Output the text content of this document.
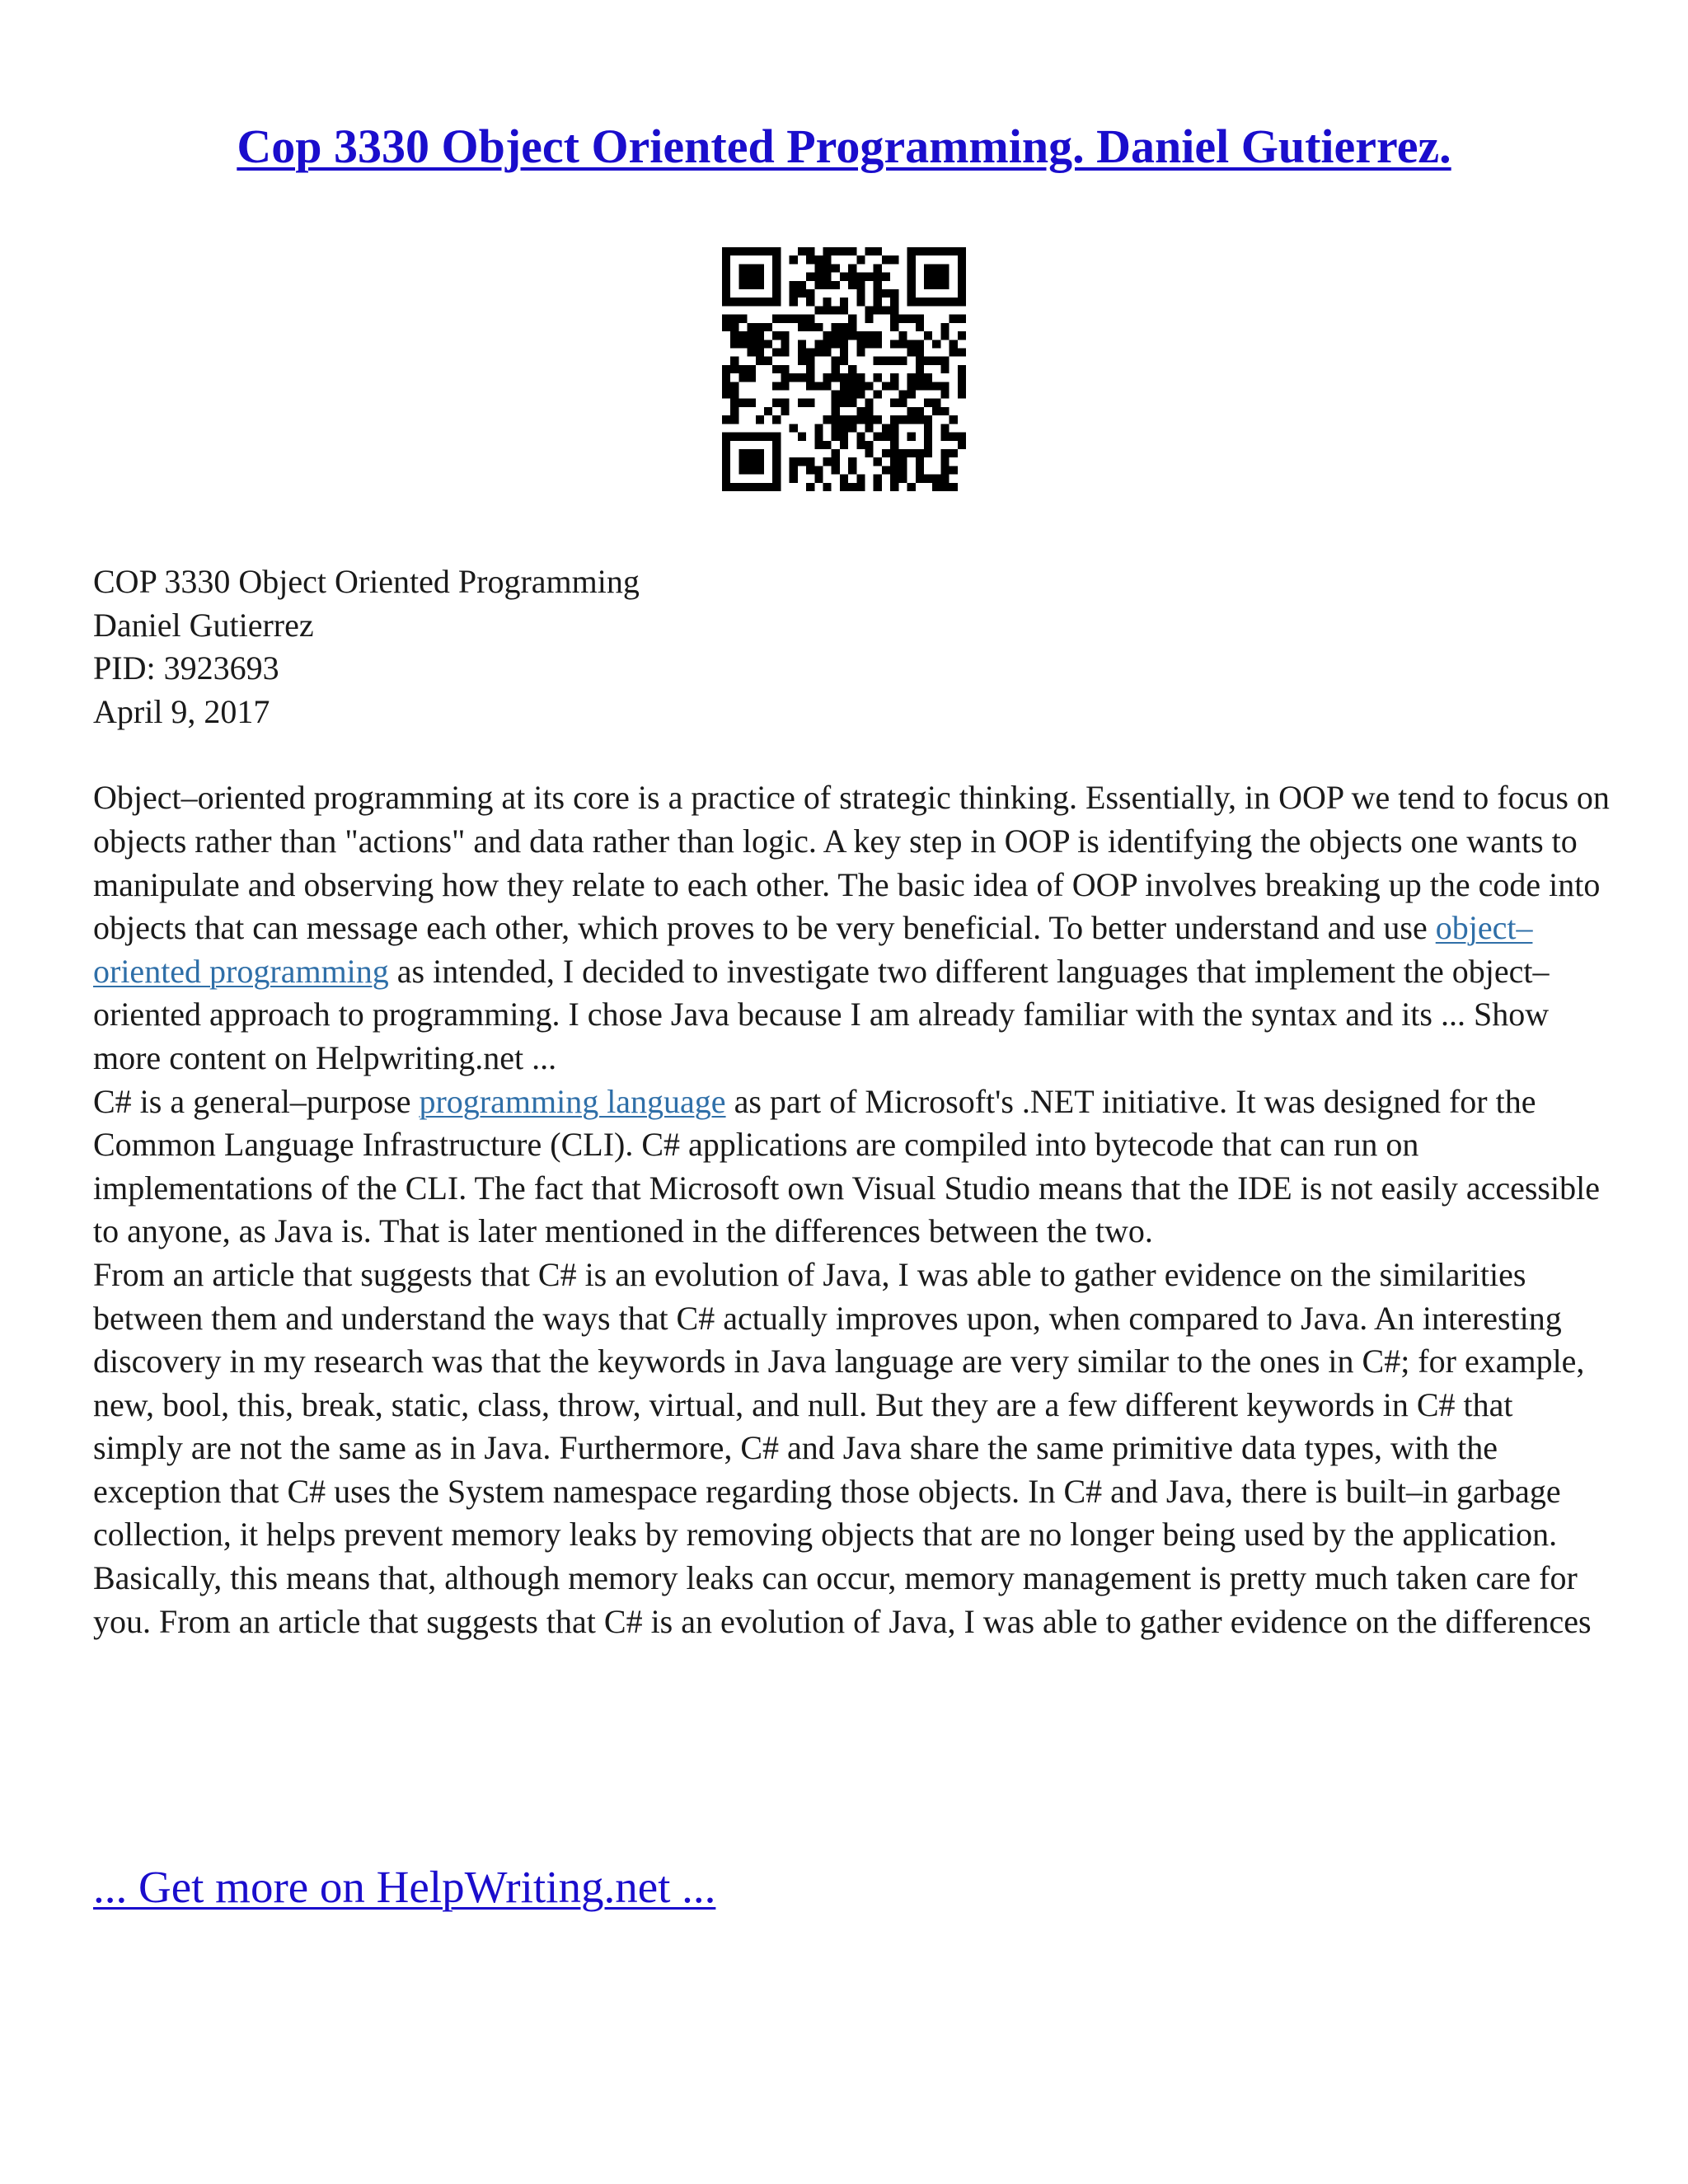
Cop 3330 Object Oriented Programming. Daniel Gutierrez.

COP 3330 Object Oriented Programming
Daniel Gutierrez
PID: 3923693
April 9, 2017

Object–oriented programming at its core is a practice of strategic thinking. Essentially, in OOP we tend to focus on objects rather than "actions" and data rather than logic. A key step in OOP is identifying the objects one wants to manipulate and observing how they relate to each other. The basic idea of OOP involves breaking up the code into objects that can message each other, which proves to be very beneficial. To better understand and use object–oriented programming as intended, I decided to investigate two different languages that implement the object–oriented approach to programming. I chose Java because I am already familiar with the syntax and its ... Show more content on Helpwriting.net ...

C# is a general–purpose programming language as part of Microsoft's .NET initiative. It was designed for the Common Language Infrastructure (CLI). C# applications are compiled into bytecode that can run on implementations of the CLI. The fact that Microsoft own Visual Studio means that the IDE is not easily accessible to anyone, as Java is. That is later mentioned in the differences between the two.

From an article that suggests that C# is an evolution of Java, I was able to gather evidence on the similarities between them and understand the ways that C# actually improves upon, when compared to Java. An interesting discovery in my research was that the keywords in Java language are very similar to the ones in C#; for example, new, bool, this, break, static, class, throw, virtual, and null. But they are a few different keywords in C# that simply are not the same as in Java. Furthermore, C# and Java share the same primitive data types, with the exception that C# uses the System namespace regarding those objects. In C# and Java, there is built–in garbage collection, it helps prevent memory leaks by removing objects that are no longer being used by the application. Basically, this means that, although memory leaks can occur, memory management is pretty much taken care for you. From an article that suggests that C# is an evolution of Java, I was able to gather evidence on the differences

... Get more on HelpWriting.net ...
